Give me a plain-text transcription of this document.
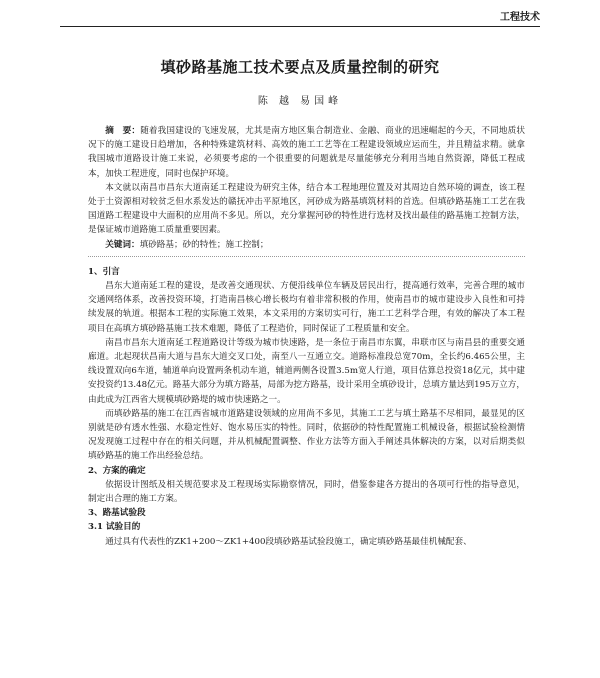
工程技术
填砂路基施工技术要点及质量控制的研究
陈 越 易国峰

摘　要：随着我国建设的飞速发展，尤其是南方地区集合制造业、金融、商业的迅速崛起的今天，不同地质状况下的施工建设日趋增加，各种特殊建筑材料、高效的施工工艺等在工程建设领域应运而生，并且精益求精。就拿我国城市道路设计施工来说，必须要考虑的一个很重要的问题就是尽量能够充分利用当地自然资源，降低工程成本，加快工程进度，同时也保护环境。

本文就以南昌市昌东大道南延工程建设为研究主体，结合本工程地理位置及对其周边自然环境的调查，该工程处于土资源相对较贫乏但水系发达的赣抚冲击平原地区，河砂成为路基填筑材料的首选。但填砂路基施工工艺在我国道路工程建设中大面积的应用尚不多见。所以，充分掌握河砂的特性进行选材及找出最佳的路基施工控制方法，是保证城市道路施工质量重要因素。

关键词：填砂路基；砂的特性；施工控制；

1、引言

昌东大道南延工程的建设，是改善交通现状、方便沿线单位车辆及居民出行，提高通行效率，完善合理的城市交通网络体系，改善投资环境，打造南昌核心增长极均有着非常积极的作用，使南昌市的城市建设步入良性和可持续发展的轨道。根据本工程的实际施工效果，本文采用的方案切实可行，施工工艺科学合理，有效的解决了本工程项目在高填方填砂路基施工技术难题，降低了工程造价，同时保证了工程质量和安全。

南昌市昌东大道南延工程道路设计等级为城市快速路，是一条位于南昌市东翼，串联市区与南昌县的重要交通廊道。北起现状昌南大道与昌东大道交叉口处，南至八一互通立交。道路标准段总宽70m，全长约6.465公里，主线设置双向6车道，辅道单向设置两条机动车道，辅道两侧各设置3.5m宽人行道，项目估算总投资18亿元，其中建安投资约13.48亿元。路基大部分为填方路基，局部为挖方路基，设计采用全填砂设计，总填方量达到195万立方，由此成为江西省大规模填砂路堤的城市快速路之一。

而填砂路基的施工在江西省城市道路建设领域的应用尚不多见，其施工工艺与填土路基不尽相同，最显见的区别就是砂有透水性强、水稳定性好、饱水易压实的特性。同时，依据砂的特性配置施工机械设备，根据试验检测情况发现施工过程中存在的相关问题，并从机械配置调整、作业方法等方面入手阐述具体解决的方案，以对后期类似填砂路基的施工作出经验总结。

2、方案的确定

依据设计图纸及相关规范要求及工程现场实际勘察情况，同时，借鉴参建各方提出的各项可行性的指导意见，制定出合理的施工方案。

3、路基试验段

3.1 试验目的

通过具有代表性的ZK1+200～ZK1+400段填砂路基试验段施工，确定填砂路基最佳机械配套、
